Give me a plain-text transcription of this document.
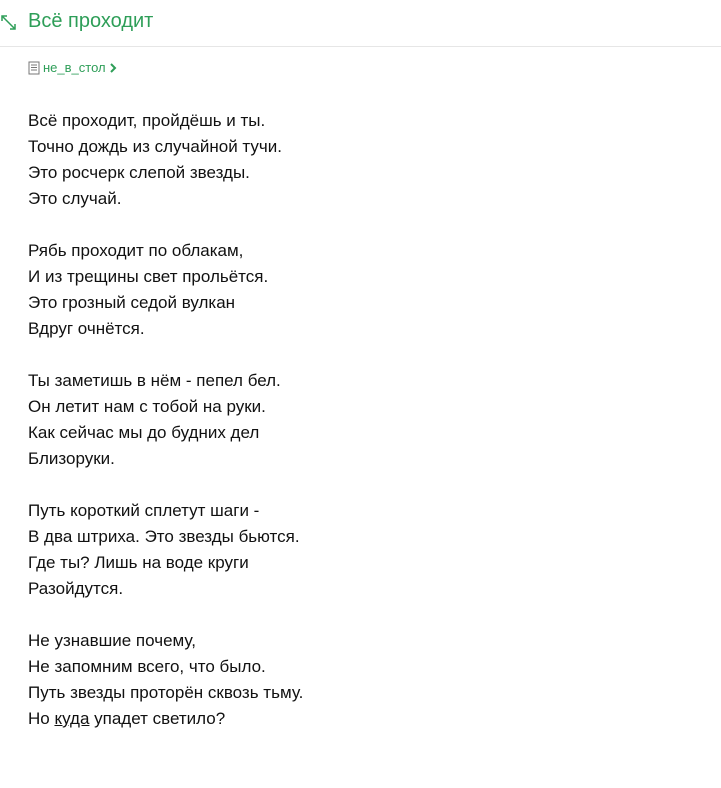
Всё проходит
не_в_стол
Всё проходит, пройдёшь и ты.
Точно дождь из случайной тучи.
Это росчерк слепой звезды.
Это случай.
Рябь проходит по облакам,
И из трещины свет прольётся.
Это грозный седой вулкан
Вдруг очнётся.
Ты заметишь в нём - пепел бел.
Он летит нам с тобой на руки.
Как сейчас мы до будних дел
Близоруки.
Путь короткий сплетут шаги -
В два штриха. Это звезды бьются.
Где ты? Лишь на воде круги
Разойдутся.
Не узнавшие почему,
Не запомним всего, что было.
Путь звезды проторён сквозь тьму.
Но куда упадет светило?
